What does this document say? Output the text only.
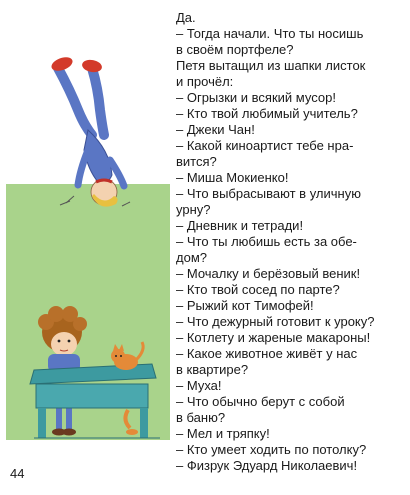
Да.
– Тогда начали. Что ты носишь
в своём портфеле?
Петя вытащил из шапки листок
и прочёл:
– Огрызки и всякий мусор!
– Кто твой любимый учитель?
– Джеки Чан!
– Какой киноартист тебе нра-
вится?
– Миша Мокиенко!
– Что выбрасывают в уличную
урну?
– Дневник и тетради!
– Что ты любишь есть за обе-
дом?
– Мочалку и берёзовый веник!
– Кто твой сосед по парте?
– Рыжий кот Тимофей!
– Что дежурный готовит к уроку?
– Котлету и жареные макароны!
– Какое животное живёт у нас
в квартире?
– Муха!
– Что обычно берут с собой
в баню?
– Мел и тряпку!
– Кто умеет ходить по потолку?
– Физрук Эдуард Николаевич!
44
